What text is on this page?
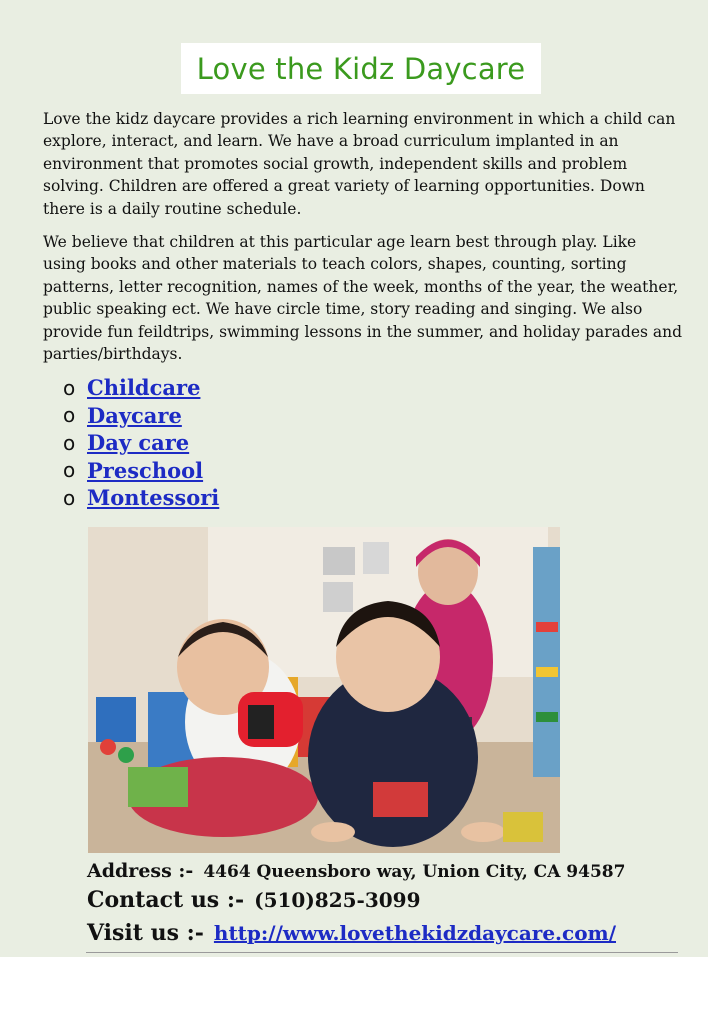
Love the Kidz Daycare

Love the kidz daycare provides a rich learning environment in which a child can explore, interact, and learn. We have a broad curriculum implanted in an environment that promotes social growth, independent skills and problem solving. Children are offered a great variety of learning opportunities. Down there is a daily routine schedule.

We believe that children at this particular age learn best through play. Like using books and other materials to teach colors, shapes, counting, sorting patterns, letter recognition, names of the week, months of the year, the weather, public speaking ect. We have circle time, story reading and singing. We also provide fun feildtrips, swimming lessons in the summer, and holiday parades and parties/birthdays.

o Childcare
o Daycare
o Day care
o Preschool
o Montessori

Address :- 4464 Queensboro way, Union City, CA 94587

Contact us :- (510)825-3099

Visit us :- http://www.lovethekidzdaycare.com/
